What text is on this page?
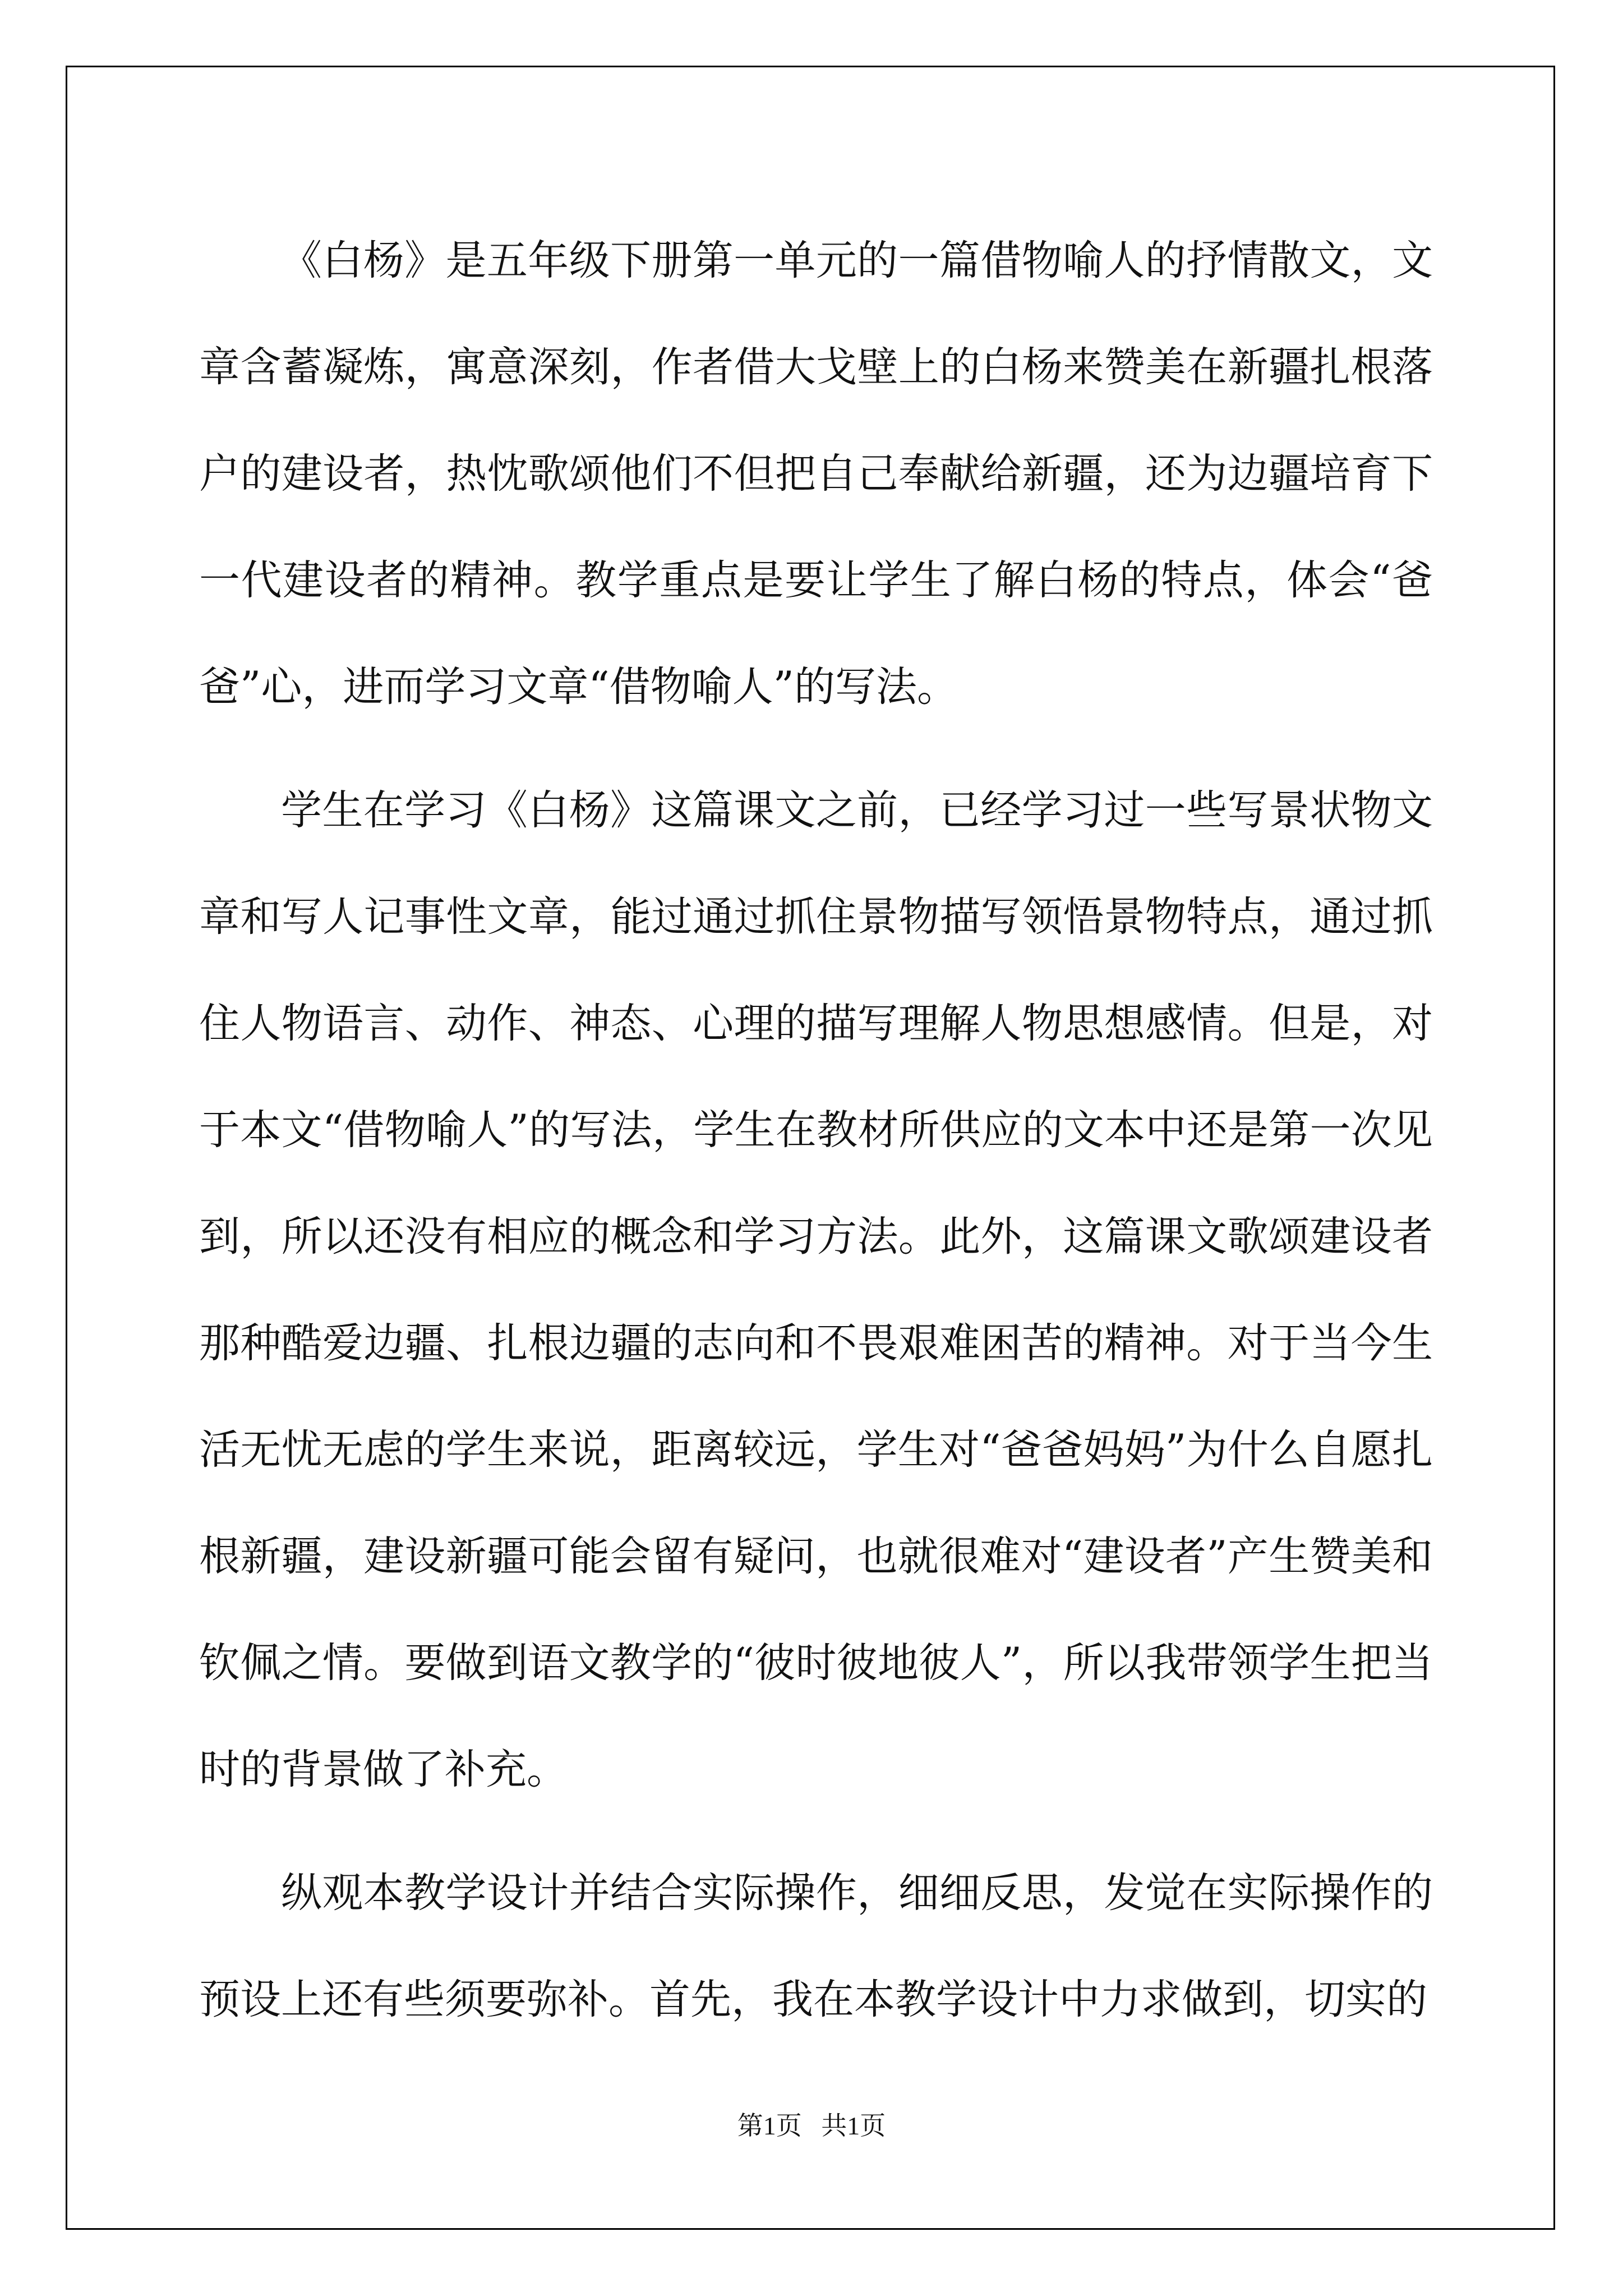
《白杨》是五年级下册第一单元的一篇借物喻人的抒情散文，文章含蓄凝炼，寓意深刻，作者借大戈壁上的白杨来赞美在新疆扎根落户的建设者，热忱歌颂他们不但把自己奉献给新疆，还为边疆培育下一代建设者的精神。教学重点是要让学生了解白杨的特点，体会“爸爸”心，进而学习文章“借物喻人”的写法。

学生在学习《白杨》这篇课文之前，已经学习过一些写景状物文章和写人记事性文章，能过通过抓住景物描写领悟景物特点，通过抓住人物语言、动作、神态、心理的描写理解人物思想感情。但是，对于本文“借物喻人”的写法，学生在教材所供应的文本中还是第一次见到，所以还没有相应的概念和学习方法。此外，这篇课文歌颂建设者那种酷爱边疆、扎根边疆的志向和不畏艰难困苦的精神。对于当今生活无忧无虑的学生来说，距离较远，学生对“爸爸妈妈”为什么自愿扎根新疆，建设新疆可能会留有疑问，也就很难对“建设者”产生赞美和钦佩之情。要做到语文教学的“彼时彼地彼人”，所以我带领学生把当时的背景做了补充。

纵观本教学设计并结合实际操作，细细反思，发觉在实际操作的预设上还有些须要弥补。首先，我在本教学设计中力求做到，切实的

第1页   共1页
